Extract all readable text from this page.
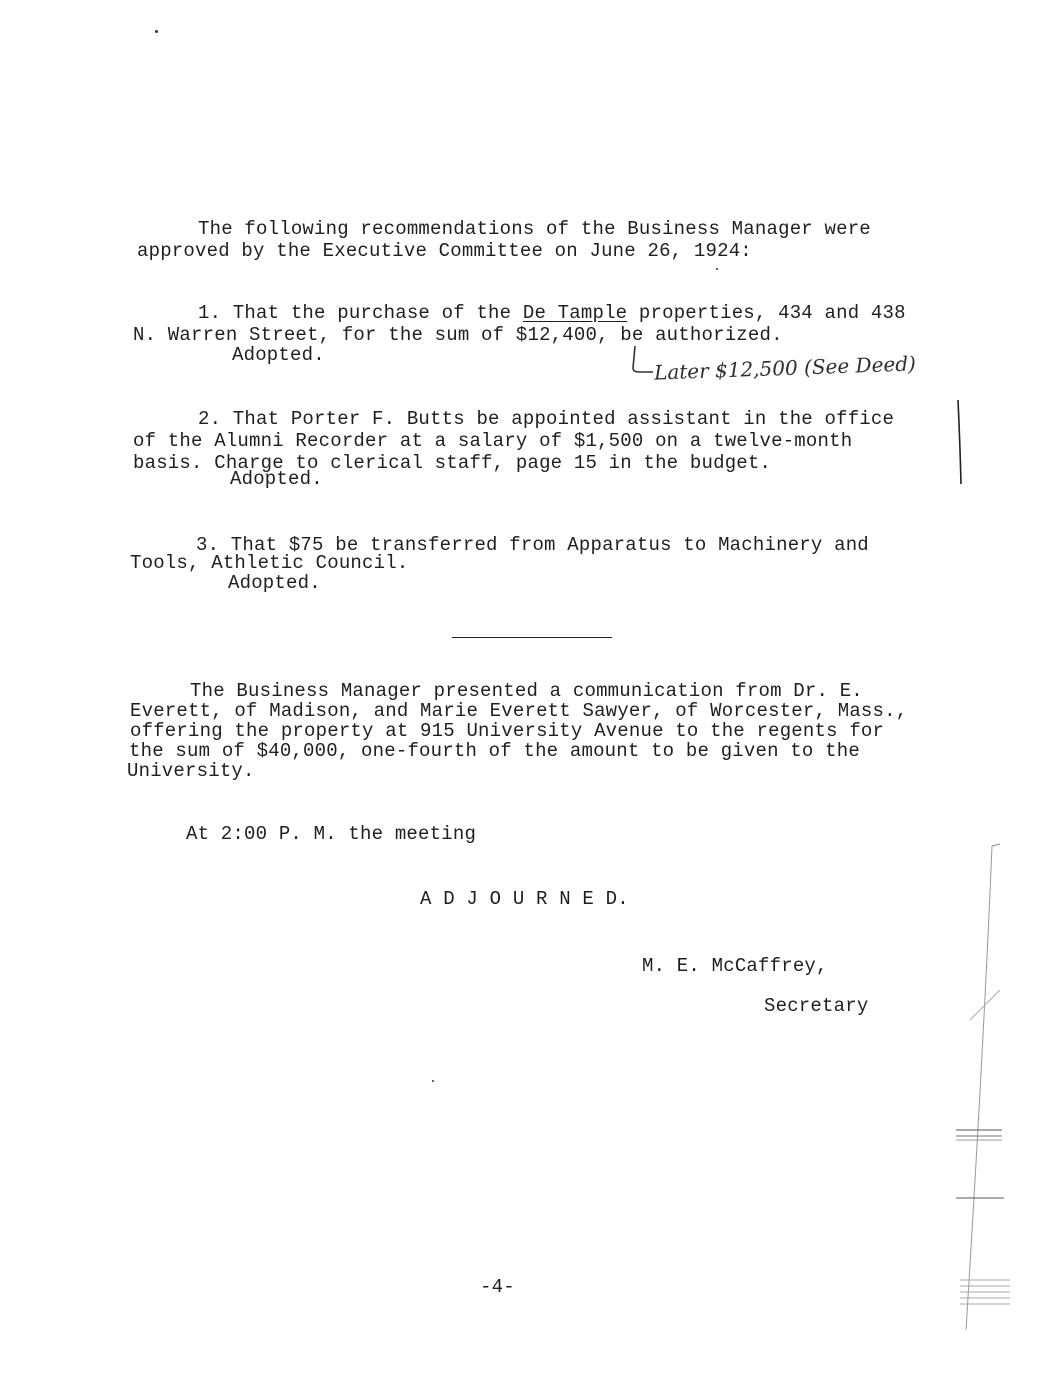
The following recommendations of the Business Manager were
approved by the Executive Committee on June 26, 1924:
1. That the purchase of the De Tample properties, 434 and 438
N. Warren Street, for the sum of $12,400, be authorized.
Adopted.	Later $12,500 (See Deed)
2. That Porter F. Butts be appointed assistant in the office
of the Alumni Recorder at a salary of $1,500 on a twelve-month
basis. Charge to clerical staff, page 15 in the budget.
Adopted.
3. That $75 be transferred from Apparatus to Machinery and
Tools, Athletic Council.
Adopted.
The Business Manager presented a communication from Dr. E.
Everett, of Madison, and Marie Everett Sawyer, of Worcester, Mass.,
offering the property at 915 University Avenue to the regents for
the sum of $40,000, one-fourth of the amount to be given to the
University.
At 2:00 P. M. the meeting
A D J O U R N E D.
M. E. McCaffrey,
Secretary
-4-
